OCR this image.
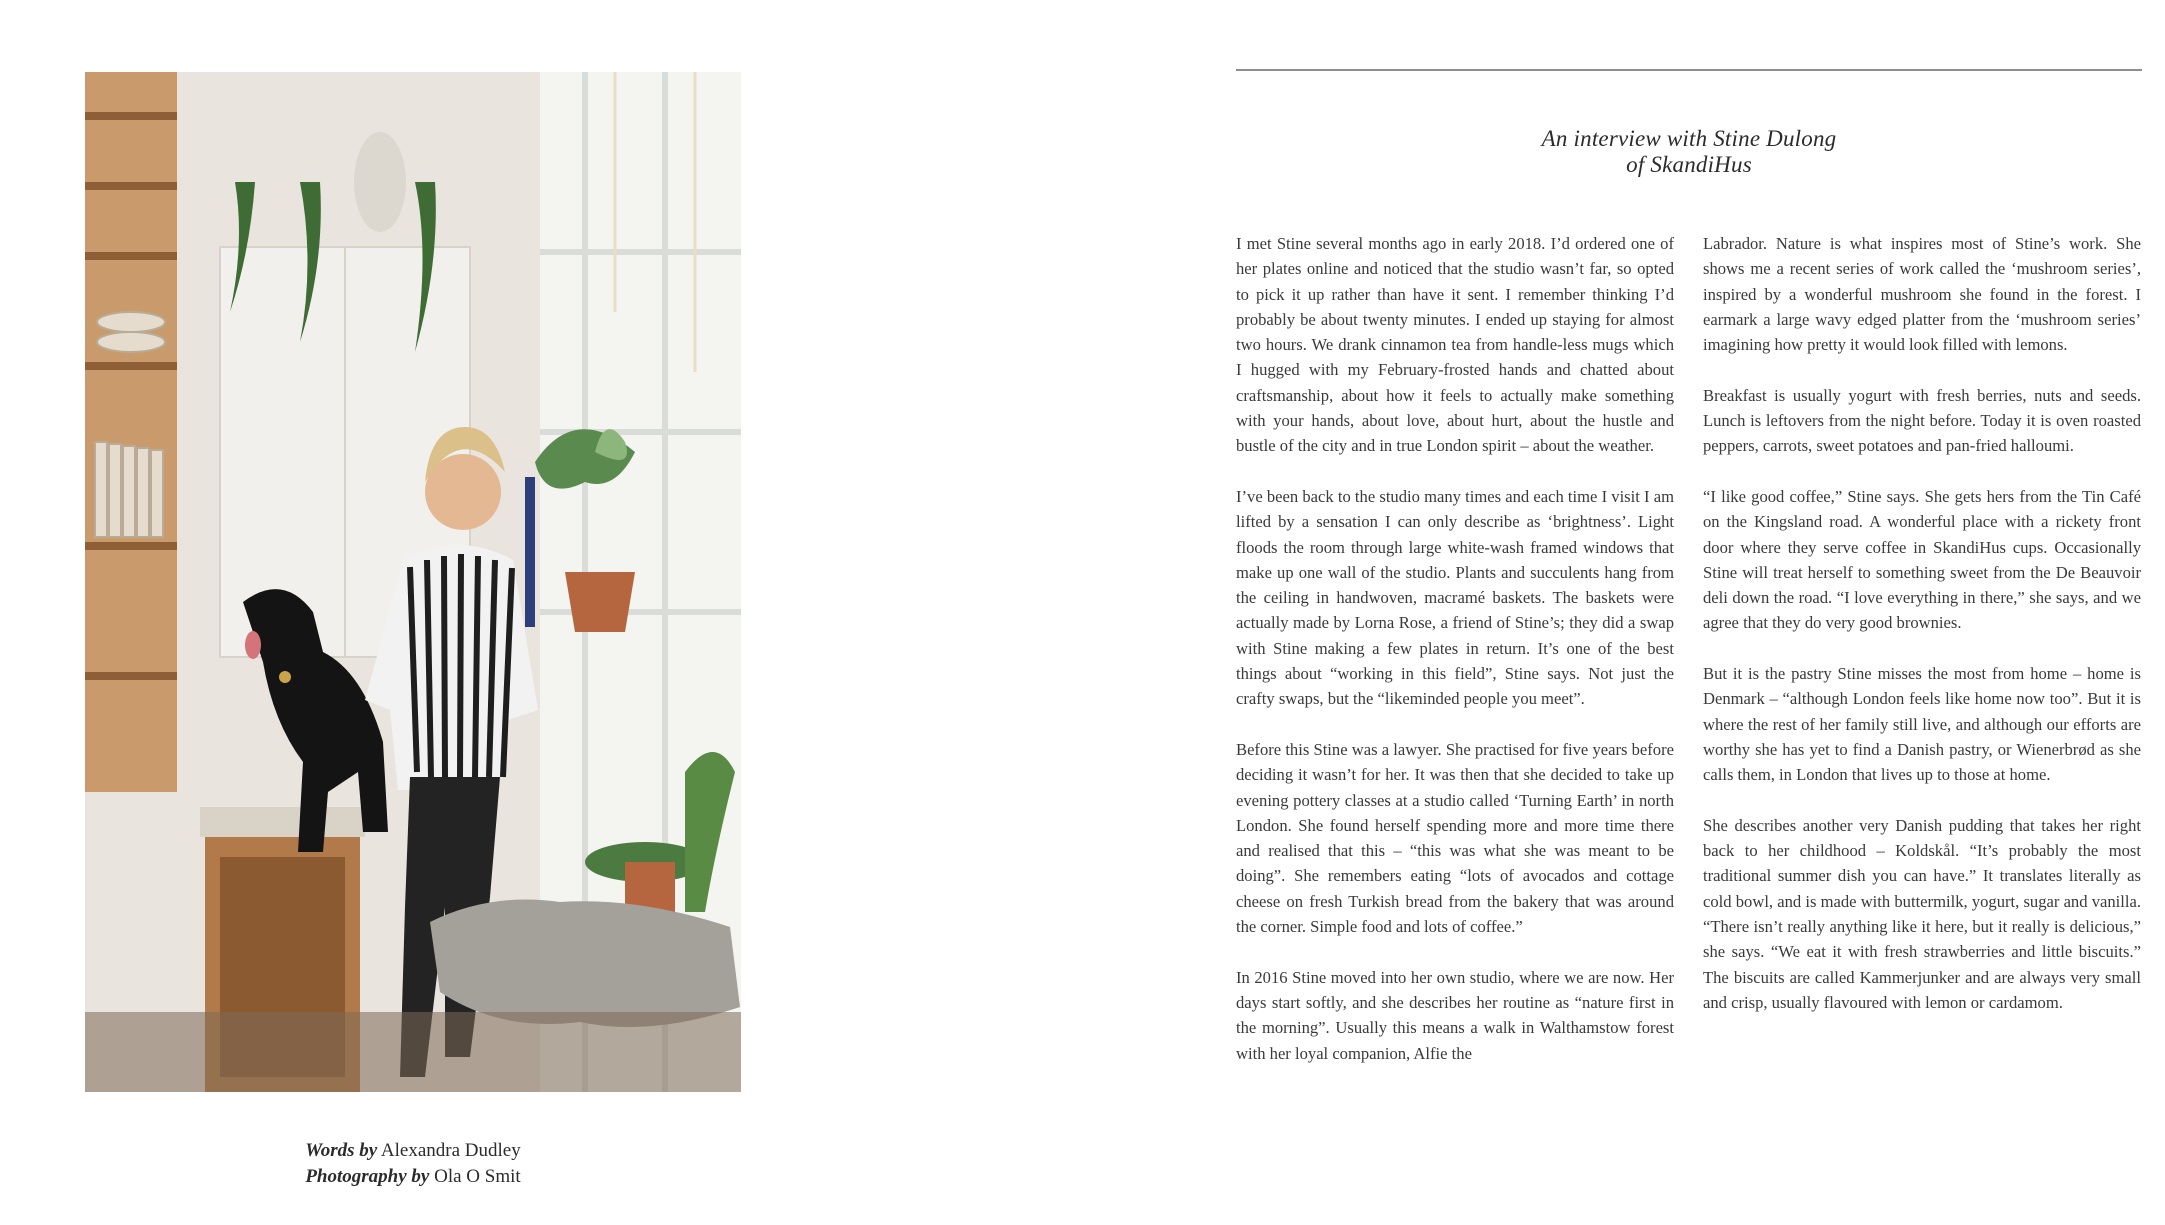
Words by Alexandra Dudley
Photography by Ola O Smit
An interview with Stine Dulong
of SkandiHus

I met Stine several months ago in early 2018. I’d ordered one of her plates online and noticed that the studio wasn’t far, so opted to pick it up rather than have it sent. I remember thinking I’d probably be about twenty minutes. I ended up staying for almost two hours. We drank cinnamon tea from handle-less mugs which I hugged with my February-frosted hands and chatted about craftsmanship, about how it feels to actually make something with your hands, about love, about hurt, about the hustle and bustle of the city and in true London spirit – about the weather.

I’ve been back to the studio many times and each time I visit I am lifted by a sensation I can only describe as ‘brightness’. Light floods the room through large white-wash framed windows that make up one wall of the studio. Plants and succulents hang from the ceiling in handwoven, macramé baskets. The baskets were actually made by Lorna Rose, a friend of Stine’s; they did a swap with Stine making a few plates in return. It’s one of the best things about “working in this field”, Stine says. Not just the crafty swaps, but the “likeminded people you meet”.

Before this Stine was a lawyer. She practised for five years before deciding it wasn’t for her. It was then that she decided to take up evening pottery classes at a studio called ‘Turning Earth’ in north London. She found herself spending more and more time there and realised that this – “this was what she was meant to be doing”. She remembers eating “lots of avocados and cottage cheese on fresh Turkish bread from the bakery that was around the corner. Simple food and lots of coffee.”

In 2016 Stine moved into her own studio, where we are now. Her days start softly, and she describes her routine as “nature first in the morning”. Usually this means a walk in Walthamstow forest with her loyal companion, Alfie the

Labrador. Nature is what inspires most of Stine’s work. She shows me a recent series of work called the ‘mushroom series’, inspired by a wonderful mushroom she found in the forest. I earmark a large wavy edged platter from the ‘mushroom series’ imagining how pretty it would look filled with lemons.

Breakfast is usually yogurt with fresh berries, nuts and seeds. Lunch is leftovers from the night before. Today it is oven roasted peppers, carrots, sweet potatoes and pan-fried halloumi.

“I like good coffee,” Stine says. She gets hers from the Tin Café on the Kingsland road. A wonderful place with a rickety front door where they serve coffee in SkandiHus cups. Occasionally Stine will treat herself to something sweet from the De Beauvoir deli down the road. “I love everything in there,” she says, and we agree that they do very good brownies.

But it is the pastry Stine misses the most from home – home is Denmark – “although London feels like home now too”. But it is where the rest of her family still live, and although our efforts are worthy she has yet to find a Danish pastry, or Wienerbrød as she calls them, in London that lives up to those at home.

She describes another very Danish pudding that takes her right back to her childhood – Koldskål. “It’s probably the most traditional summer dish you can have.” It translates literally as cold bowl, and is made with buttermilk, yogurt, sugar and vanilla. “There isn’t really anything like it here, but it really is delicious,” she says. “We eat it with fresh strawberries and little biscuits.” The biscuits are called Kammerjunker and are always very small and crisp, usually flavoured with lemon or cardamom.
